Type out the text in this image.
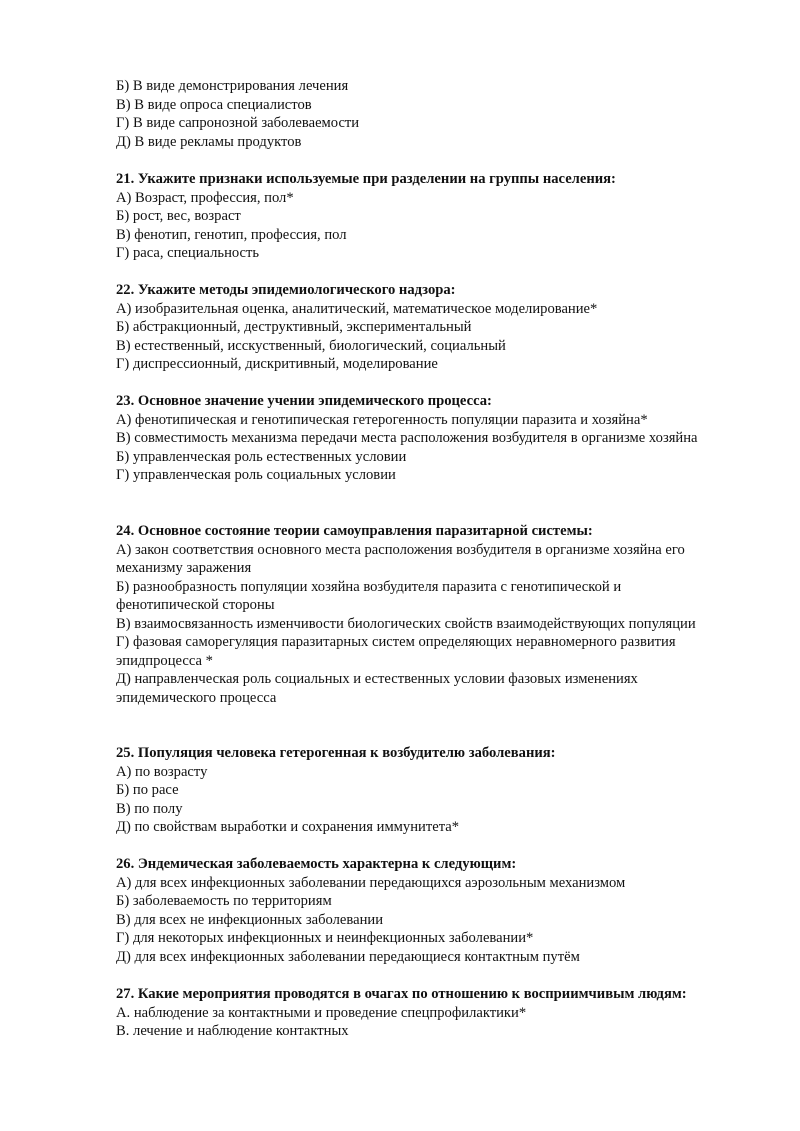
Б) В виде демонстрирования лечения
В) В виде опроса специалистов
Г) В виде сапронозной заболеваемости
Д) В виде рекламы продуктов
21. Укажите признаки используемые при разделении на группы населения:
А) Возраст, профессия, пол*
Б) рост, вес, возраст
В) фенотип, генотип, профессия, пол
Г) раса, специальность
22. Укажите методы эпидемиологического надзора:
А) изобразительная оценка, аналитический, математическое моделирование*
Б) абстракционный, деструктивный, экспериментальный
В) естественный, исскуственный, биологический, социальный
Г) диспрессионный, дискритивный, моделирование
23. Основное значение учении эпидемического процесса:
А) фенотипическая и генотипическая гетерогенность популяции паразита и хозяйна*
В) совместимость механизма передачи места расположения возбудителя в организме хозяйна
Б) управленческая роль естественных условии
Г) управленческая роль социальных условии
24. Основное состояние теории самоуправления паразитарной системы:
А) закон соответствия основного места расположения возбудителя в организме хозяйна его механизму заражения
Б) разнообразность популяции хозяйна возбудителя паразита с генотипической и фенотипической стороны
В) взаимосвязанность изменчивости биологических свойств взаимодействующих популяции
Г) фазовая саморегуляция паразитарных систем определяющих неравномерного развития эпидпроцесса *
Д) направленческая роль социальных и естественных условии фазовых изменениях эпидемического процесса
25. Популяция человека гетерогенная к возбудителю заболевания:
А) по возрасту
Б) по расе
В) по полу
Д) по свойствам выработки и сохранения иммунитета*
26. Эндемическая заболеваемость характерна к следующим:
А) для всех инфекционных заболевании передающихся аэрозольным механизмом
Б) заболеваемость по территориям
В) для всех не инфекционных заболевании
Г) для некоторых инфекционных и неинфекционных заболевании*
Д) для всех инфекционных заболевании передающиеся контактным путём
27. Какие мероприятия проводятся в очагах по отношению к восприимчивым людям:
А. наблюдение за контактными и проведение спецпрофилактики*
В. лечение и наблюдение контактных
